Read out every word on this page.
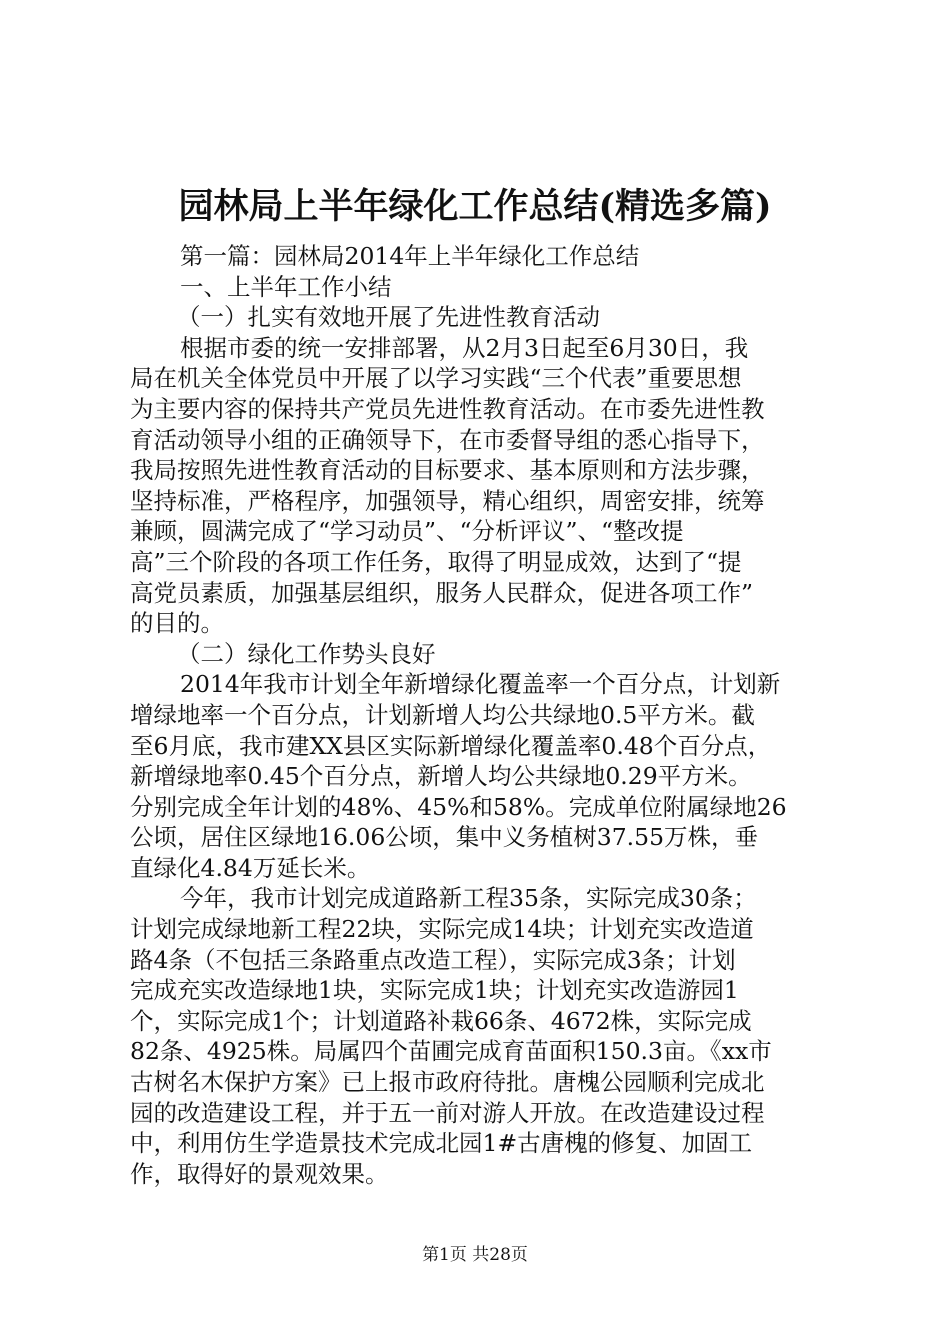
园林局上半年绿化工作总结(精选多篇)
第一篇：园林局2014年上半年绿化工作总结
一、上半年工作小结
（一）扎实有效地开展了先进性教育活动
根据市委的统一安排部署，从2月3日起至6月30日，我
局在机关全体党员中开展了以学习实践“三个代表”重要思想
为主要内容的保持共产党员先进性教育活动。在市委先进性教
育活动领导小组的正确领导下，在市委督导组的悉心指导下，
我局按照先进性教育活动的目标要求、基本原则和方法步骤，
坚持标准，严格程序，加强领导，精心组织，周密安排，统筹
兼顾，圆满完成了“学习动员”、“分析评议”、“整改提
高”三个阶段的各项工作任务，取得了明显成效，达到了“提
高党员素质，加强基层组织，服务人民群众，促进各项工作”
的目的。
（二）绿化工作势头良好
2014年我市计划全年新增绿化覆盖率一个百分点，计划新
增绿地率一个百分点，计划新增人均公共绿地0.5平方米。截
至6月底，我市建XX县区实际新增绿化覆盖率0.48个百分点，
新增绿地率0.45个百分点，新增人均公共绿地0.29平方米。
分别完成全年计划的48%、45%和58%。完成单位附属绿地26
公顷，居住区绿地16.06公顷，集中义务植树37.55万株，垂
直绿化4.84万延长米。
今年，我市计划完成道路新工程35条，实际完成30条；
计划完成绿地新工程22块，实际完成14块；计划充实改造道
路4条（不包括三条路重点改造工程），实际完成3条；计划
完成充实改造绿地1块，实际完成1块；计划充实改造游园1
个，实际完成1个；计划道路补栽66条、4672株，实际完成
82条、4925株。局属四个苗圃完成育苗面积150.3亩。《xx市
古树名木保护方案》已上报市政府待批。唐槐公园顺利完成北
园的改造建设工程，并于五一前对游人开放。在改造建设过程
中，利用仿生学造景技术完成北园1#古唐槐的修复、加固工
作，取得好的景观效果。
第1页 共28页
